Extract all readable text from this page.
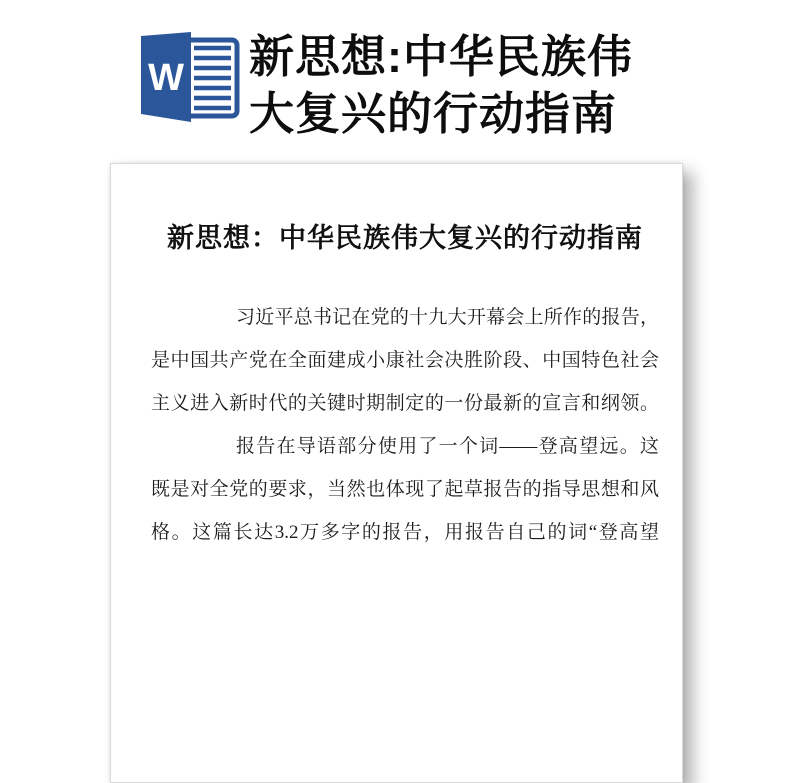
W 新思想:中华民族伟
大复兴的行动指南
新思想：中华民族伟大复兴的行动指南
习近平总书记在党的十九大开幕会上所作的报告，
是中国共产党在全面建成小康社会决胜阶段、中国特色社会
主义进入新时代的关键时期制定的一份最新的宣言和纲领。
报告在导语部分使用了一个词——登高望远。这
既是对全党的要求，当然也体现了起草报告的指导思想和风
格。这篇长达3.2万多字的报告，用报告自己的词“登高望
